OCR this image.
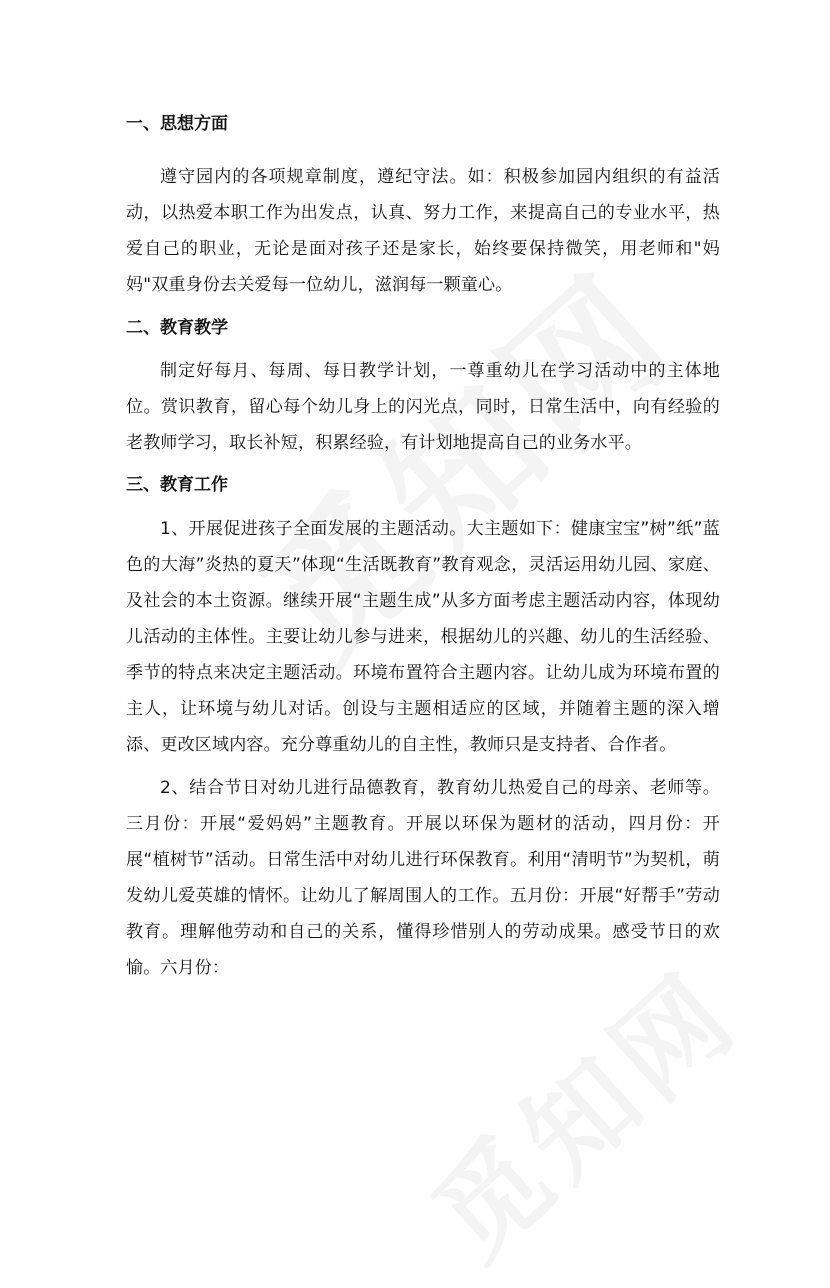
一、思想方面

遵守园内的各项规章制度，遵纪守法。如：积极参加园内组织的有益活动，以热爱本职工作为出发点，认真、努力工作，来提高自己的专业水平，热爱自己的职业，无论是面对孩子还是家长，始终要保持微笑，用老师和"妈妈"双重身份去关爱每一位幼儿，滋润每一颗童心。

二、教育教学

制定好每月、每周、每日教学计划，一尊重幼儿在学习活动中的主体地位。赏识教育，留心每个幼儿身上的闪光点，同时，日常生活中，向有经验的老教师学习，取长补短，积累经验，有计划地提高自己的业务水平。

三、教育工作

1、开展促进孩子全面发展的主题活动。大主题如下：健康宝宝”树”纸”蓝色的大海”炎热的夏天”体现“生活既教育”教育观念，灵活运用幼儿园、家庭、及社会的本土资源。继续开展“主题生成”从多方面考虑主题活动内容，体现幼儿活动的主体性。主要让幼儿参与进来，根据幼儿的兴趣、幼儿的生活经验、季节的特点来决定主题活动。环境布置符合主题内容。让幼儿成为环境布置的主人，让环境与幼儿对话。创设与主题相适应的区域，并随着主题的深入增添、更改区域内容。充分尊重幼儿的自主性，教师只是支持者、合作者。

2、结合节日对幼儿进行品德教育，教育幼儿热爱自己的母亲、老师等。三月份：开展“爱妈妈”主题教育。开展以环保为题材的活动，四月份：开展“植树节”活动。日常生活中对幼儿进行环保教育。利用“清明节”为契机，萌发幼儿爱英雄的情怀。让幼儿了解周围人的工作。五月份：开展“好帮手”劳动教育。理解他劳动和自己的关系，懂得珍惜别人的劳动成果。感受节日的欢愉。六月份：
